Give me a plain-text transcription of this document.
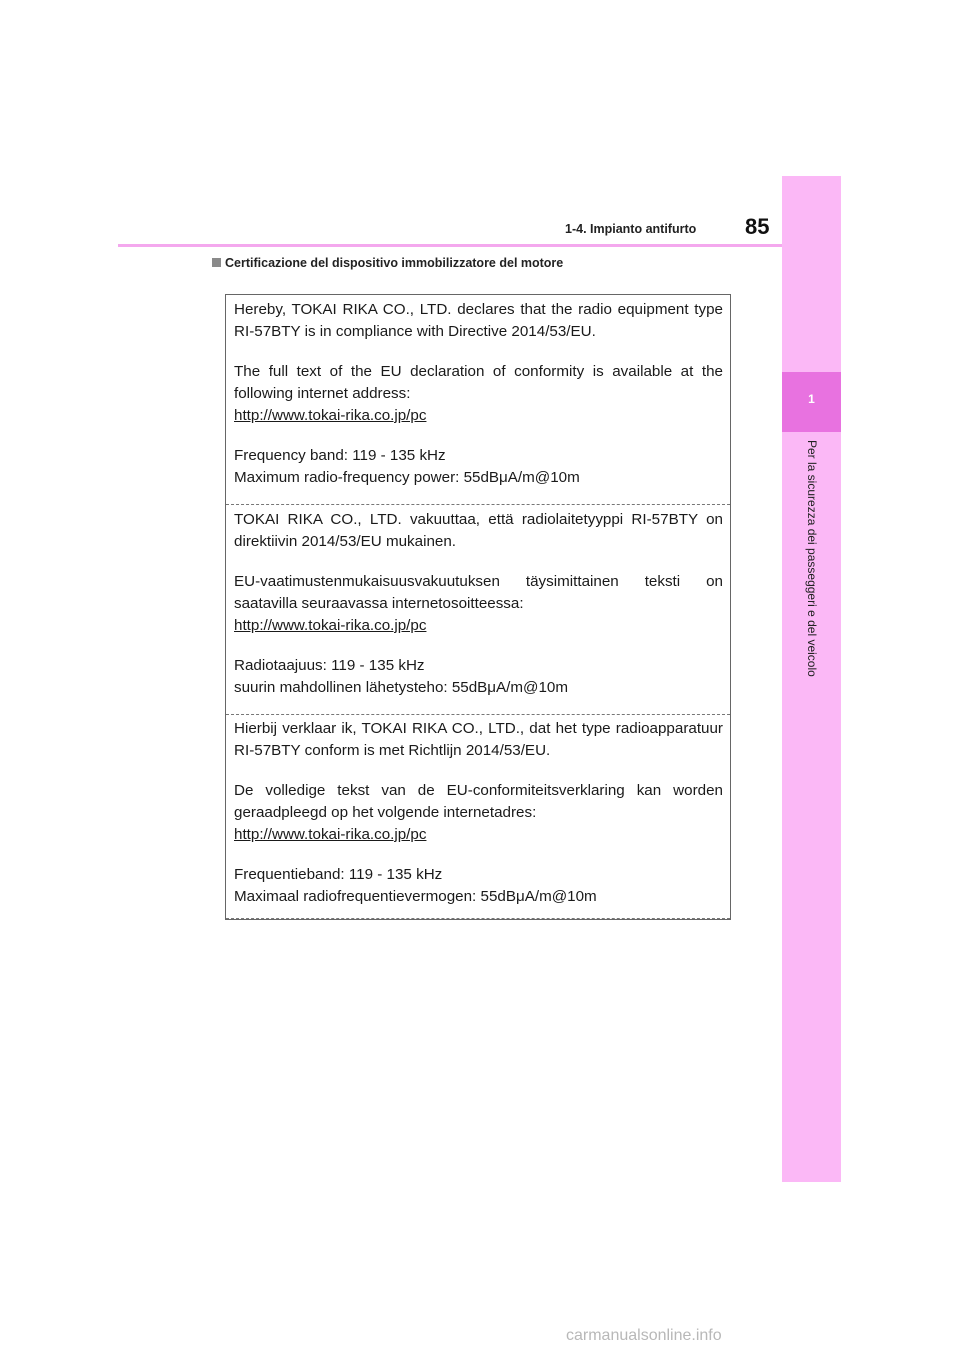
1
Per la sicurezza dei passeggeri e del veicolo
1-4. Impianto antifurto 85
Certificazione del dispositivo immobilizzatore del motore

Hereby, TOKAI RIKA CO., LTD. declares that the radio equipment type RI-57BTY is in compliance with Directive 2014/53/EU.

The full text of the EU declaration of conformity is available at the following internet address:

http://www.tokai-rika.co.jp/pc

Frequency band: 119 - 135 kHz

Maximum radio-frequency power: 55dBμA/m@10m

TOKAI RIKA CO., LTD. vakuuttaa, että radiolaitetyyppi RI-57BTY on direktiivin 2014/53/EU mukainen.

EU-vaatimustenmukaisuusvakuutuksen täysimittainen teksti on saatavilla seuraavassa internetosoitteessa:

http://www.tokai-rika.co.jp/pc

Radiotaajuus: 119 - 135 kHz

suurin mahdollinen lähetysteho: 55dBμA/m@10m

Hierbij verklaar ik, TOKAI RIKA CO., LTD., dat het type radioapparatuur RI-57BTY conform is met Richtlijn 2014/53/EU.

De volledige tekst van de EU-conformiteitsverklaring kan worden geraadpleegd op het volgende internetadres:

http://www.tokai-rika.co.jp/pc

Frequentieband: 119 - 135 kHz

Maximaal radiofrequentievermogen: 55dBμA/m@10m

carmanualsonline.info
